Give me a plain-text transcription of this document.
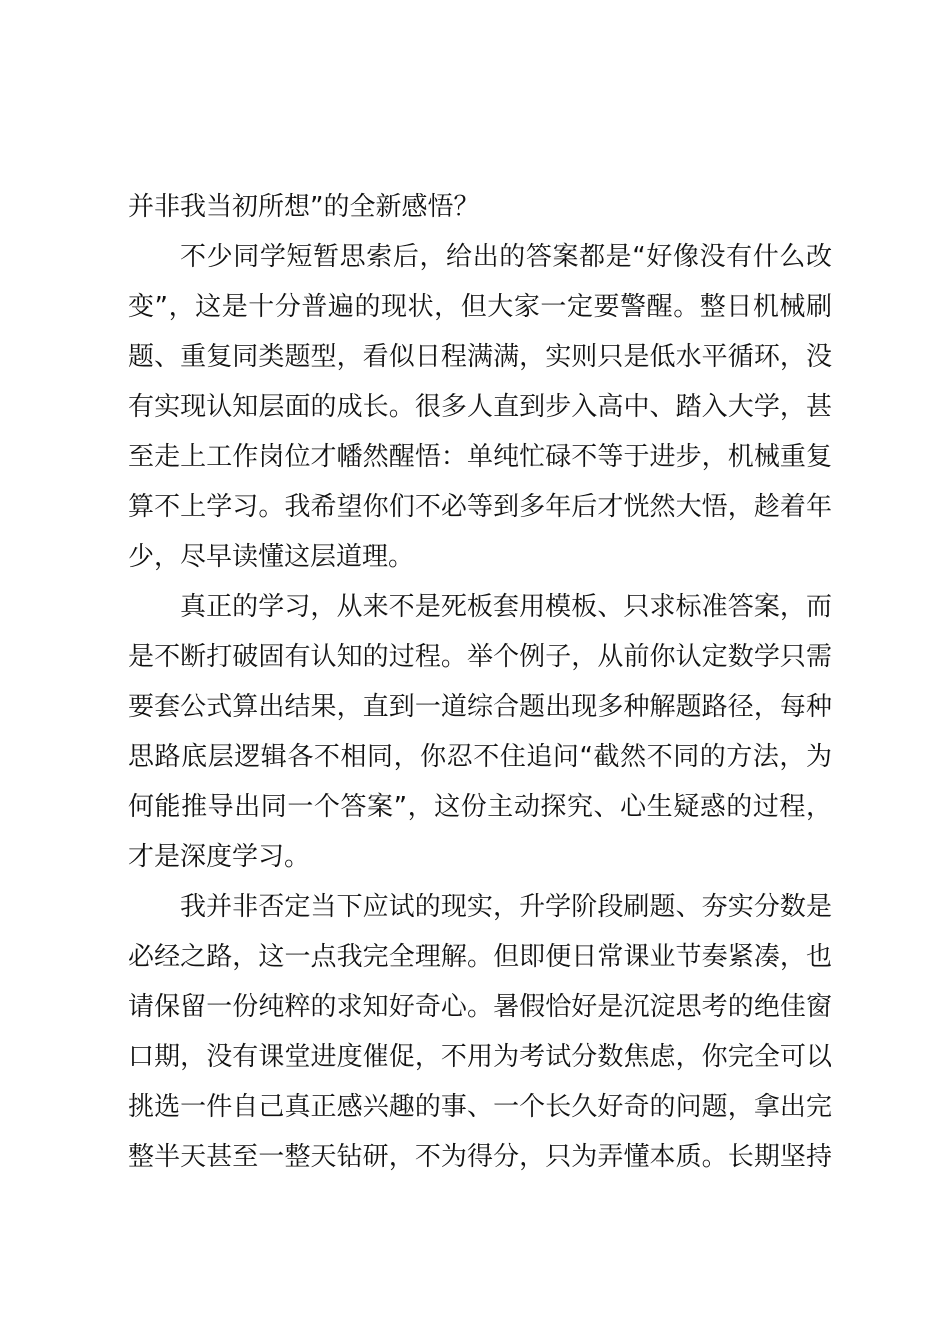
并非我当初所想”的全新感悟？
不少同学短暂思索后，给出的答案都是“好像没有什么改
变”，这是十分普遍的现状，但大家一定要警醒。整日机械刷
题、重复同类题型，看似日程满满，实则只是低水平循环，没
有实现认知层面的成长。很多人直到步入高中、踏入大学，甚
至走上工作岗位才幡然醒悟：单纯忙碌不等于进步，机械重复
算不上学习。我希望你们不必等到多年后才恍然大悟，趁着年
少，尽早读懂这层道理。
真正的学习，从来不是死板套用模板、只求标准答案，而
是不断打破固有认知的过程。举个例子，从前你认定数学只需
要套公式算出结果，直到一道综合题出现多种解题路径，每种
思路底层逻辑各不相同，你忍不住追问“截然不同的方法，为
何能推导出同一个答案”，这份主动探究、心生疑惑的过程，
才是深度学习。
我并非否定当下应试的现实，升学阶段刷题、夯实分数是
必经之路，这一点我完全理解。但即便日常课业节奏紧凑，也
请保留一份纯粹的求知好奇心。暑假恰好是沉淀思考的绝佳窗
口期，没有课堂进度催促，不用为考试分数焦虑，你完全可以
挑选一件自己真正感兴趣的事、一个长久好奇的问题，拿出完
整半天甚至一整天钻研，不为得分，只为弄懂本质。长期坚持
